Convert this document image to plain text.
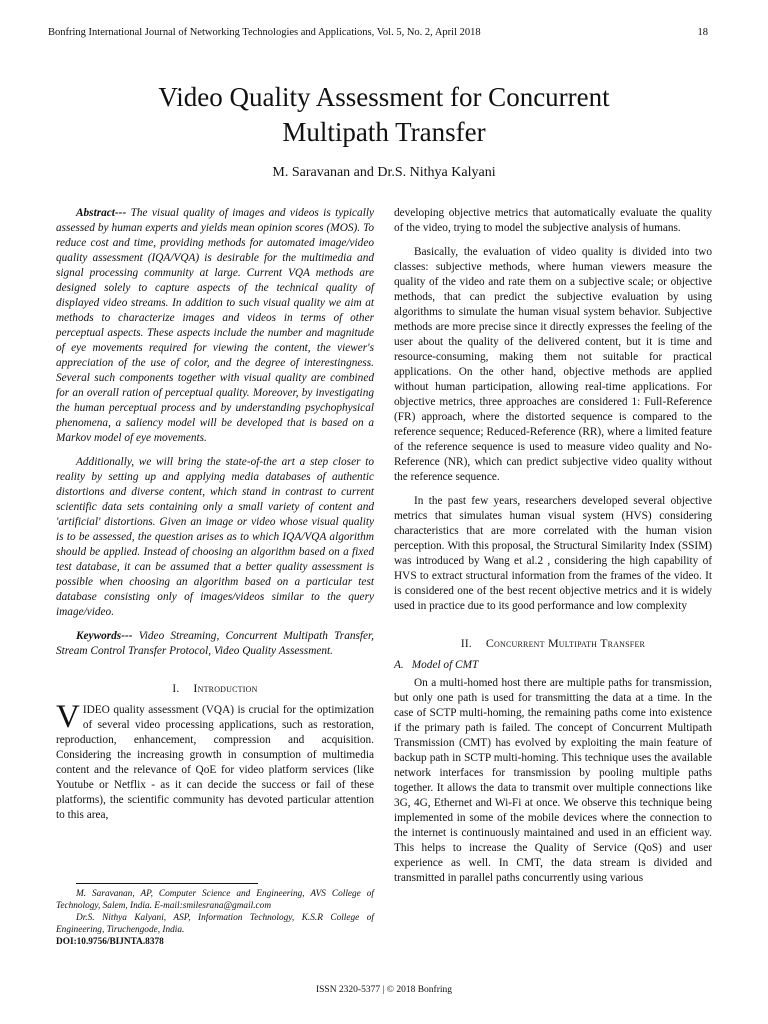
Bonfring International Journal of Networking Technologies and Applications, Vol. 5, No. 2, April 2018	18
Video Quality Assessment for Concurrent
Multipath Transfer
M. Saravanan and Dr.S. Nithya Kalyani

Abstract--- The visual quality of images and videos is typically assessed by human experts and yields mean opinion scores (MOS). To reduce cost and time, providing methods for automated image/video quality assessment (IQA/VQA) is desirable for the multimedia and signal processing community at large. Current VQA methods are designed solely to capture aspects of the technical quality of displayed video streams. In addition to such visual quality we aim at methods to characterize images and videos in terms of other perceptual aspects. These aspects include the number and magnitude of eye movements required for viewing the content, the viewer's appreciation of the use of color, and the degree of interestingness. Several such components together with visual quality are combined for an overall ration of perceptual quality. Moreover, by investigating the human perceptual process and by understanding psychophysical phenomena, a saliency model will be developed that is based on a Markov model of eye movements.

Additionally, we will bring the state-of-the art a step closer to reality by setting up and applying media databases of authentic distortions and diverse content, which stand in contrast to current scientific data sets containing only a small variety of content and 'artificial' distortions. Given an image or video whose visual quality is to be assessed, the question arises as to which IQA/VQA algorithm should be applied. Instead of choosing an algorithm based on a fixed test database, it can be assumed that a better quality assessment is possible when choosing an algorithm based on a particular test database consisting only of images/videos similar to the query image/video.

Keywords--- Video Streaming, Concurrent Multipath Transfer, Stream Control Transfer Protocol, Video Quality Assessment.

I. Introduction

VIDEO quality assessment (VQA) is crucial for the optimization of several video processing applications, such as restoration, reproduction, enhancement, compression and acquisition. Considering the increasing growth in consumption of multimedia content and the relevance of QoE for video platform services (like Youtube or Netflix - as it can decide the success or fail of these platforms), the scientific community has devoted particular attention to this area,

M. Saravanan, AP, Computer Science and Engineering, AVS College of Technology, Salem, India. E-mail:smilesrana@gmail.com

Dr.S. Nithya Kalyani, ASP, Information Technology, K.S.R College of Engineering, Tiruchengode, India.

DOI:10.9756/BIJNTA.8378

developing objective metrics that automatically evaluate the quality of the video, trying to model the subjective analysis of humans.

Basically, the evaluation of video quality is divided into two classes: subjective methods, where human viewers measure the quality of the video and rate them on a subjective scale; or objective methods, that can predict the subjective evaluation by using algorithms to simulate the human visual system behavior. Subjective methods are more precise since it directly expresses the feeling of the user about the quality of the delivered content, but it is time and resource-consuming, making them not suitable for practical applications. On the other hand, objective methods are applied without human participation, allowing real-time applications. For objective metrics, three approaches are considered 1: Full-Reference (FR) approach, where the distorted sequence is compared to the reference sequence; Reduced-Reference (RR), where a limited feature of the reference sequence is used to measure video quality and No-Reference (NR), which can predict subjective video quality without the reference sequence.

In the past few years, researchers developed several objective metrics that simulates human visual system (HVS) considering characteristics that are more correlated with the human vision perception. With this proposal, the Structural Similarity Index (SSIM) was introduced by Wang et al.2 , considering the high capability of HVS to extract structural information from the frames of the video. It is considered one of the best recent objective metrics and it is widely used in practice due to its good performance and low complexity

II. Concurrent Multipath Transfer
A. Model of CMT

On a multi-homed host there are multiple paths for transmission, but only one path is used for transmitting the data at a time. In the case of SCTP multi-homing, the remaining paths come into existence if the primary path is failed. The concept of Concurrent Multipath Transmission (CMT) has evolved by exploiting the main feature of backup path in SCTP multi-homing. This technique uses the available network interfaces for transmission by pooling multiple paths together. It allows the data to transmit over multiple connections like 3G, 4G, Ethernet and Wi-Fi at once. We observe this technique being implemented in some of the mobile devices where the connection to the internet is continuously maintained and used in an efficient way. This helps to increase the Quality of Service (QoS) and user experience as well. In CMT, the data stream is divided and transmitted in parallel paths concurrently using various

ISSN 2320-5377 | © 2018 Bonfring
